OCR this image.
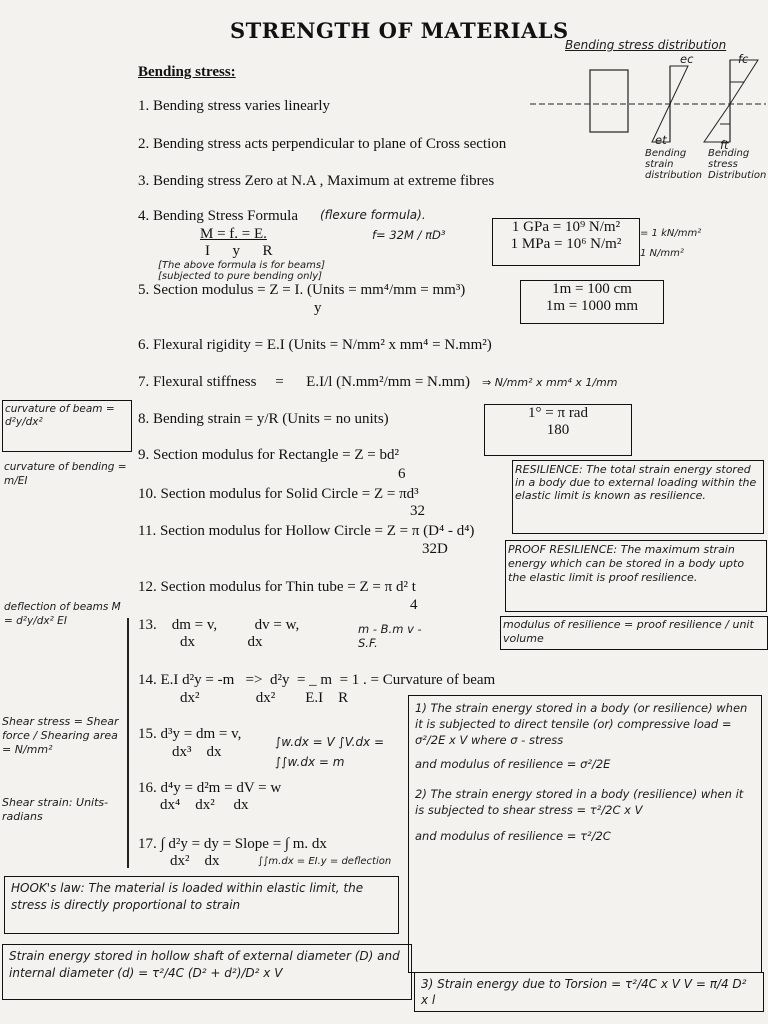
STRENGTH OF MATERIALS
Bending stress:
Bending stress distribution
ec	fc
et	ft
Bending strain distribution
Bending stress Distribution
1. Bending stress varies linearly
2. Bending stress acts perpendicular to plane of Cross section
3. Bending stress Zero at N.A , Maximum at extreme fibres
4. Bending Stress Formula (flexure formula).
M = f. = E.
I      y      R
f= 32M / πD³
[The above formula is for beams] [subjected to pure bending only]
5. Section modulus = Z = I. (Units = mm⁴/mm = mm³)
y
6. Flexural rigidity = E.I (Units = N/mm² x mm⁴ = N.mm²)
7. Flexural stiffness     =      E.I/l (N.mm²/mm = N.mm) ⇒ N/mm² x mm⁴ x 1/mm
8. Bending strain = y/R (Units = no units)
9. Section modulus for Rectangle = Z = bd²
6
10. Section modulus for Solid Circle = Z = πd³
32
11. Section modulus for Hollow Circle = Z = π (D⁴ - d⁴)
32D
12. Section modulus for Thin tube = Z = π d² t
4
13.    dm = v,          dv = w,
dx              dx
m - B.m v - S.F.
14. E.I d²y = -m   =>  d²y  = _ m  = 1 . = Curvature of beam
dx²               dx²        E.I    R
15. d³y = dm = v,
dx³    dx
∫w.dx = V ∫V.dx = ∫∫w.dx = m
16. d⁴y = d²m = dV = w
dx⁴    dx²     dx
17. ∫ d²y = dy = Slope = ∫ m. dx
dx²    dx	∫∫m.dx = EI.y = deflection
1 GPa = 10⁹ N/m²
1 MPa = 10⁶ N/m²
= 1 kN/mm²
1 N/mm²
1m = 100 cm
1m = 1000 mm
1° = π rad
180
RESILIENCE: The total strain energy stored in a body due to external loading within the elastic limit is known as resilience.
PROOF RESILIENCE: The maximum strain energy which can be stored in a body upto the elastic limit is proof resilience.
modulus of resilience = proof resilience / unit volume
1) The strain energy stored in a body (or resilience) when it is subjected to direct tensile (or) compressive load = σ²/2E x V where σ - stress
and modulus of resilience = σ²/2E
2) The strain energy stored in a body (resilience) when it is subjected to shear stress = τ²/2C x V
and modulus of resilience = τ²/2C
HOOK's law: The material is loaded within elastic limit, the stress is directly proportional to strain
Strain energy stored in hollow shaft of external diameter (D) and internal diameter (d) = τ²/4C (D² + d²)/D² x V
3) Strain energy due to Torsion = τ²/4C x V V = π/4 D² x l
curvature of beam = d²y/dx²
curvature of bending = m/EI
deflection of beams M = d²y/dx² EI
Shear stress = Shear force / Shearing area = N/mm²
Shear strain: Units-radians
